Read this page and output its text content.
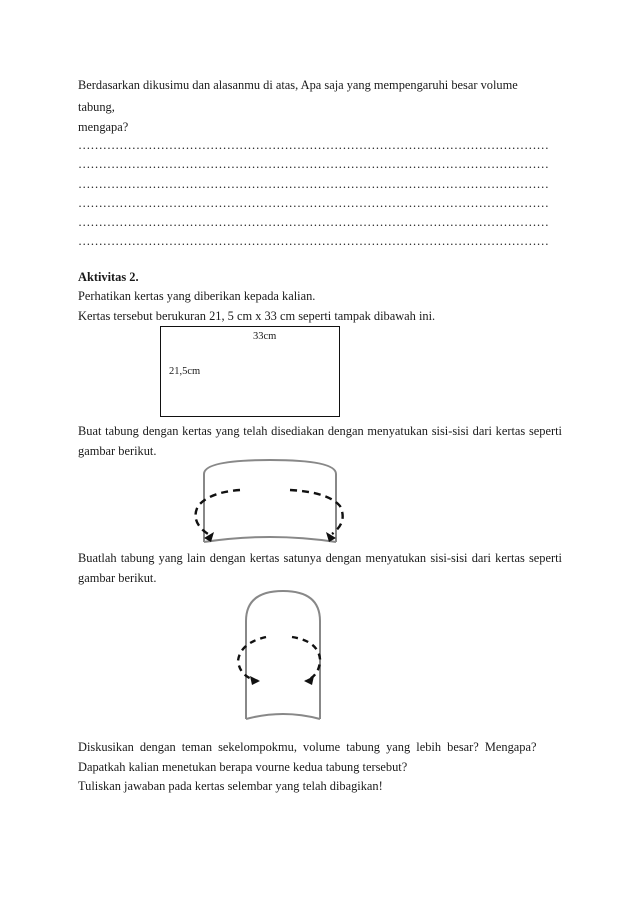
Berdasarkan dikusimu dan alasanmu di atas, Apa saja yang mempengaruhi besar volume
tabung,
mengapa?
……………………………………………………………………………………………………
……………………………………………………………………………………………………
……………………………………………………………………………………………………
……………………………………………………………………………………………………
……………………………………………………………………………………………………
……………………………………………………………………………………………………
Aktivitas 2.
Perhatikan kertas yang diberikan kepada kalian.
Kertas tersebut berukuran 21, 5 cm x 33 cm seperti tampak dibawah ini.
33cm
21,5cm
Buat tabung dengan kertas yang telah disediakan dengan menyatukan sisi-sisi dari kertas seperti gambar berikut.
Buatlah tabung yang lain dengan kertas satunya dengan menyatukan sisi-sisi dari kertas seperti gambar berikut.
Diskusikan dengan teman sekelompokmu, volume tabung yang lebih besar? Mengapa?
Dapatkah kalian menetukan berapa vourne kedua tabung tersebut?
Tuliskan jawaban pada kertas selembar yang telah dibagikan!
